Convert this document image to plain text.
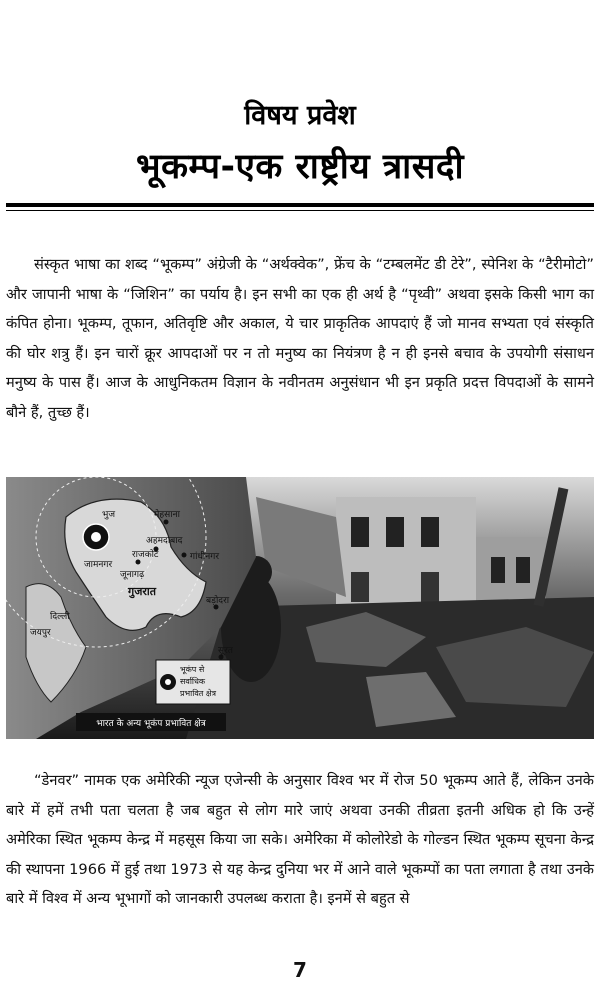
विषय प्रवेश
भूकम्प-एक राष्ट्रीय त्रासदी

संस्कृत भाषा का शब्द “भूकम्प” अंग्रेजी के “अर्थक्वेक”, फ्रेंच के “टम्बलमेंट डी टेरे”, स्पेनिश के “टैरीमोटो” और जापानी भाषा के “जिशिन” का पर्याय है। इन सभी का एक ही अर्थ है “पृथ्वी” अथवा इसके किसी भाग का कंपित होना। भूकम्प, तूफान, अतिवृष्टि और अकाल, ये चार प्राकृतिक आपदाएं हैं जो मानव सभ्यता एवं संस्कृति की घोर शत्रु हैं। इन चारों क्रूर आपदाओं पर न तो मनुष्य का नियंत्रण है न ही इनसे बचाव के उपयोगी संसाधन मनुष्य के पास हैं। आज के आधुनिकतम विज्ञान के नवीनतम अनुसंधान भी इन प्रकृति प्रदत्त विपदाओं के सामने बौने हैं, तुच्छ हैं।

भुज	मेहसाना
अहमदाबाद
राजकोट	गांधीनगर
जामनगर
जूनागढ़
बड़ोदरा
गुजरात
सूरत
दिल्ली
जयपुर
भूकंप से
सर्वाधिक
प्रभावित क्षेत्र
भारत के अन्य भूकंप प्रभावित क्षेत्र

“डेनवर” नामक एक अमेरिकी न्यूज एजेन्सी के अनुसार विश्व भर में रोज 50 भूकम्प आते हैं, लेकिन उनके बारे में हमें तभी पता चलता है जब बहुत से लोग मारे जाएं अथवा उनकी तीव्रता इतनी अधिक हो कि उन्हें अमेरिका स्थित भूकम्प केन्द्र में महसूस किया जा सके। अमेरिका में कोलोरेडो के गोल्डन स्थित भूकम्प सूचना केन्द्र की स्थापना 1966 में हुई तथा 1973 से यह केन्द्र दुनिया भर में आने वाले भूकम्पों का पता लगाता है तथा उनके बारे में विश्व में अन्य भूभागों को जानकारी उपलब्ध कराता है। इनमें से बहुत से

7
